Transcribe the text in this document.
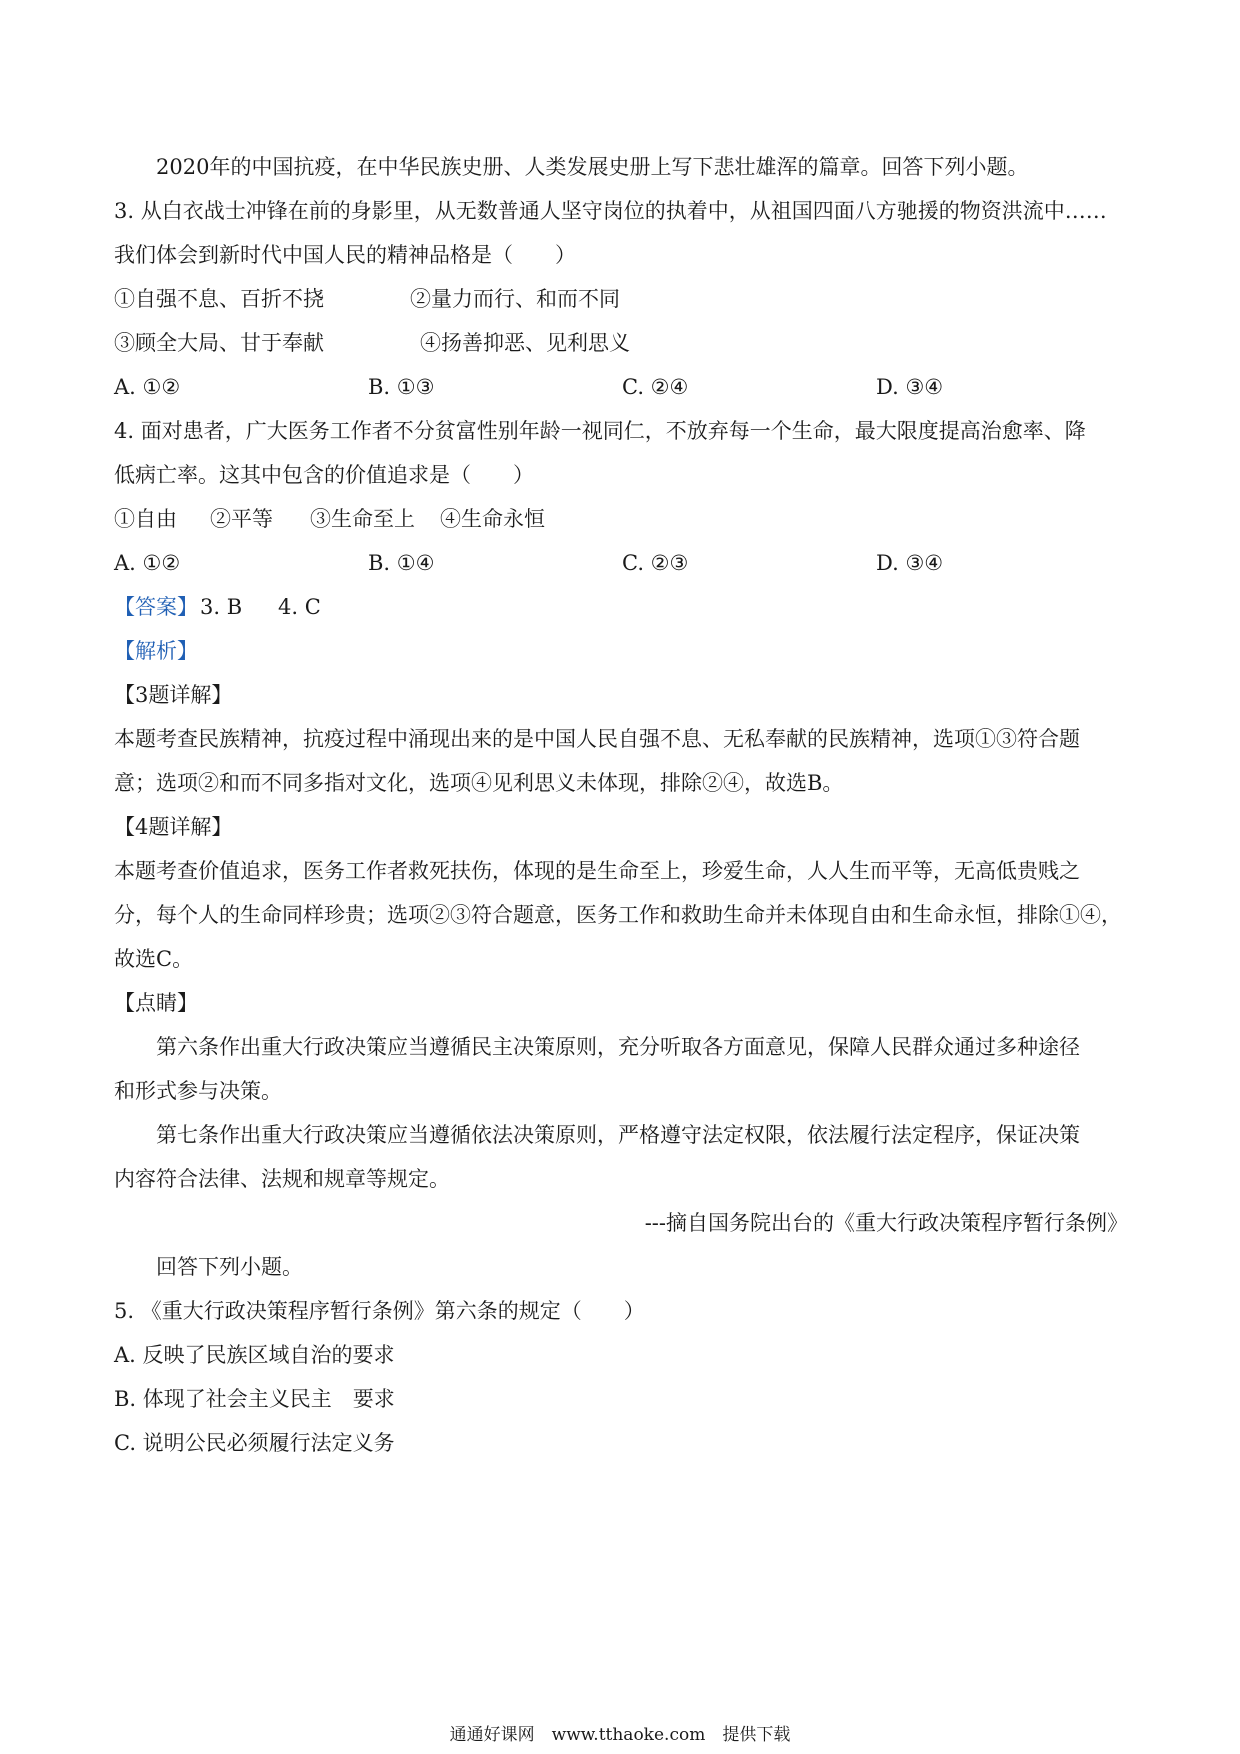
2020年的中国抗疫，在中华民族史册、人类发展史册上写下悲壮雄浑的篇章。回答下列小题。
3. 从白衣战士冲锋在前的身影里，从无数普通人坚守岗位的执着中，从祖国四面八方驰援的物资洪流中……
我们体会到新时代中国人民的精神品格是（　　）
①自强不息、百折不挠	②量力而行、和而不同
③顾全大局、甘于奉献	④扬善抑恶、见利思义
A. ①②	B. ①③	C. ②④	D. ③④
4. 面对患者，广大医务工作者不分贫富性别年龄一视同仁，不放弃每一个生命，最大限度提高治愈率、降
低病亡率。这其中包含的价值追求是（　　）
①自由 ②平等 ③生命至上 ④生命永恒
A. ①②	B. ①④	C. ②③	D. ③④
【答案】 3. B 4. C
【解析】
【3题详解】
本题考查民族精神，抗疫过程中涌现出来的是中国人民自强不息、无私奉献的民族精神，选项①③符合题
意；选项②和而不同多指对文化，选项④见利思义未体现，排除②④，故选B。
【4题详解】
本题考查价值追求，医务工作者救死扶伤，体现的是生命至上，珍爱生命，人人生而平等，无高低贵贱之
分，每个人的生命同样珍贵；选项②③符合题意，医务工作和救助生命并未体现自由和生命永恒，排除①④，
故选C。
【点睛】
第六条作出重大行政决策应当遵循民主决策原则，充分听取各方面意见，保障人民群众通过多种途径
和形式参与决策。
第七条作出重大行政决策应当遵循依法决策原则，严格遵守法定权限，依法履行法定程序，保证决策
内容符合法律、法规和规章等规定。
---摘自国务院出台的《重大行政决策程序暂行条例》
回答下列小题。
5. 《重大行政决策程序暂行条例》第六条的规定（　　）
A. 反映了民族区域自治的要求
B. 体现了社会主义民主　要求
C. 说明公民必须履行法定义务
通通好课网　www.tthaoke.com　提供下载
